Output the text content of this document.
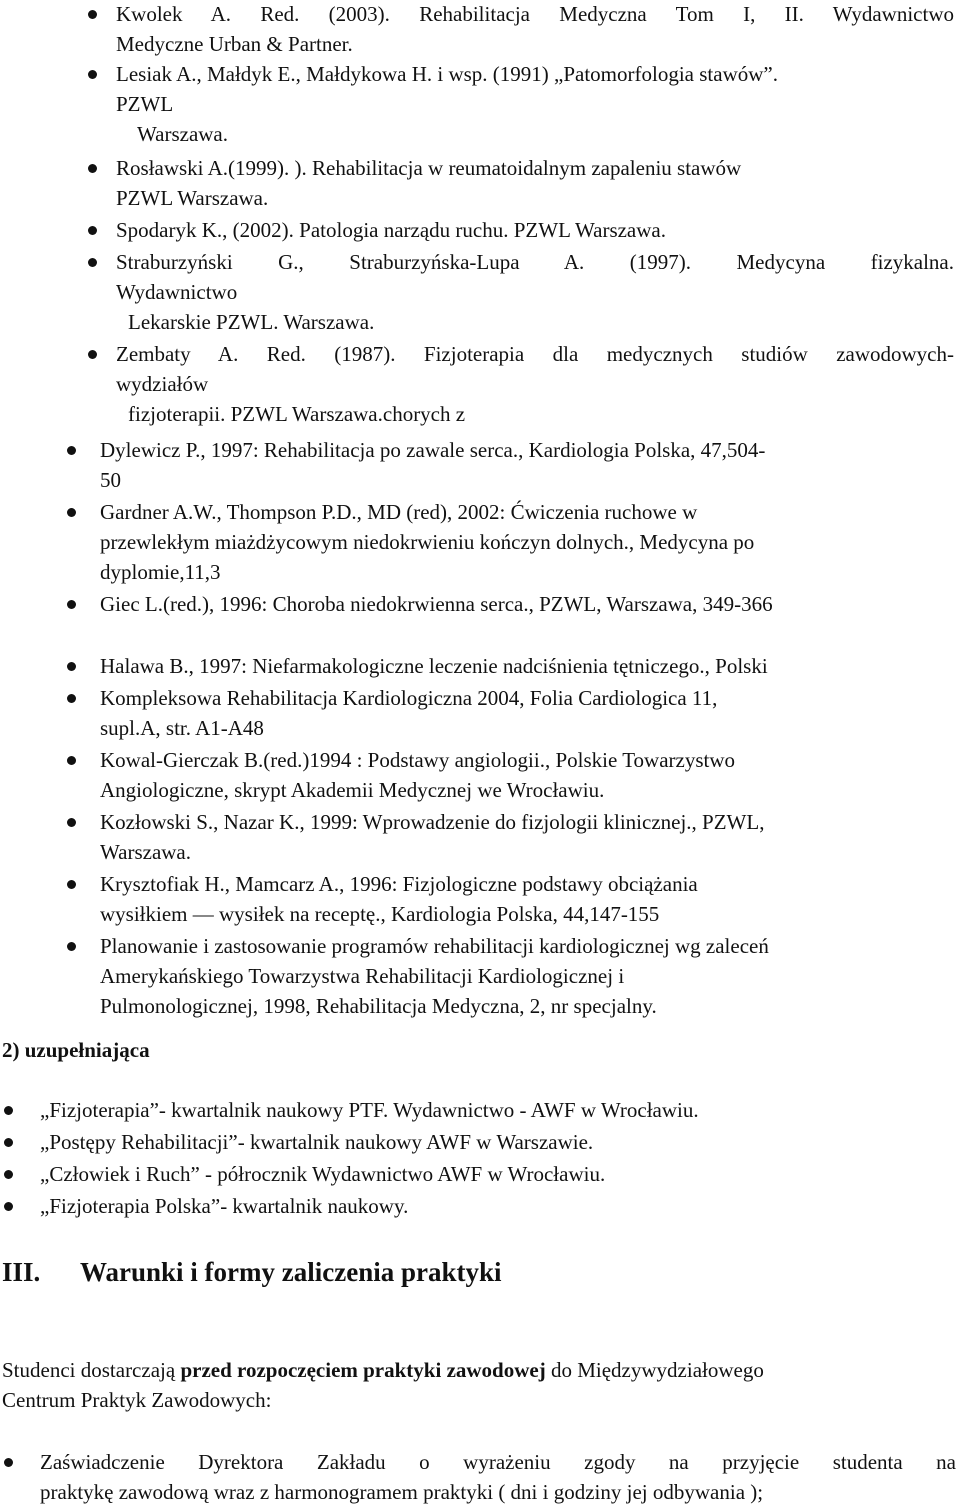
Kwolek A. Red. (2003). Rehabilitacja Medyczna Tom I, II. Wydawnictwo
Medyczne Urban & Partner.
Lesiak A., Małdyk E., Małdykowa H. i wsp. (1991) „Patomorfologia stawów”.
PZWL
Warszawa.
Rosławski A.(1999). ). Rehabilitacja w reumatoidalnym zapaleniu stawów
PZWL Warszawa.
Spodaryk K., (2002). Patologia narządu ruchu. PZWL Warszawa.
Straburzyński G., Straburzyńska-Lupa A. (1997). Medycyna fizykalna.
Wydawnictwo
Lekarskie PZWL. Warszawa.
Zembaty A. Red. (1987). Fizjoterapia dla medycznych studiów zawodowych-
wydziałów
fizjoterapii. PZWL Warszawa.chorych z
Dylewicz P., 1997: Rehabilitacja po zawale serca., Kardiologia Polska, 47,504-
50
Gardner A.W., Thompson P.D., MD (red), 2002: Ćwiczenia ruchowe w
przewlekłym miażdżycowym niedokrwieniu kończyn dolnych., Medycyna po
dyplomie,11,3
Giec L.(red.), 1996: Choroba niedokrwienna serca., PZWL, Warszawa, 349-366
Halawa B., 1997: Niefarmakologiczne leczenie nadciśnienia tętniczego., Polski
Kompleksowa Rehabilitacja Kardiologiczna 2004, Folia Cardiologica 11,
supl.A, str. A1-A48
Kowal-Gierczak B.(red.)1994 : Podstawy angiologii., Polskie Towarzystwo
Angiologiczne, skrypt Akademii Medycznej we Wrocławiu.
Kozłowski S., Nazar K., 1999: Wprowadzenie do fizjologii klinicznej., PZWL,
Warszawa.
Krysztofiak H., Mamcarz A., 1996: Fizjologiczne podstawy obciążania
wysiłkiem — wysiłek na receptę., Kardiologia Polska, 44,147-155
Planowanie i zastosowanie programów rehabilitacji kardiologicznej wg zaleceń
Amerykańskiego Towarzystwa Rehabilitacji Kardiologicznej i
Pulmonologicznej, 1998, Rehabilitacja Medyczna, 2, nr specjalny.
2) uzupełniająca
„Fizjoterapia”- kwartalnik naukowy PTF. Wydawnictwo - AWF w Wrocławiu.
„Postępy Rehabilitacji”- kwartalnik naukowy AWF w Warszawie.
„Człowiek i Ruch” - półrocznik Wydawnictwo AWF w Wrocławiu.
„Fizjoterapia Polska”- kwartalnik naukowy.
III. Warunki i formy zaliczenia praktyki
Studenci dostarczają przed rozpoczęciem praktyki zawodowej do Międzywydziałowego
Centrum Praktyk Zawodowych:
Zaświadczenie Dyrektora Zakładu o wyrażeniu zgody na przyjęcie studenta na
praktykę zawodową wraz z harmonogramem praktyki ( dni i godziny jej odbywania );
